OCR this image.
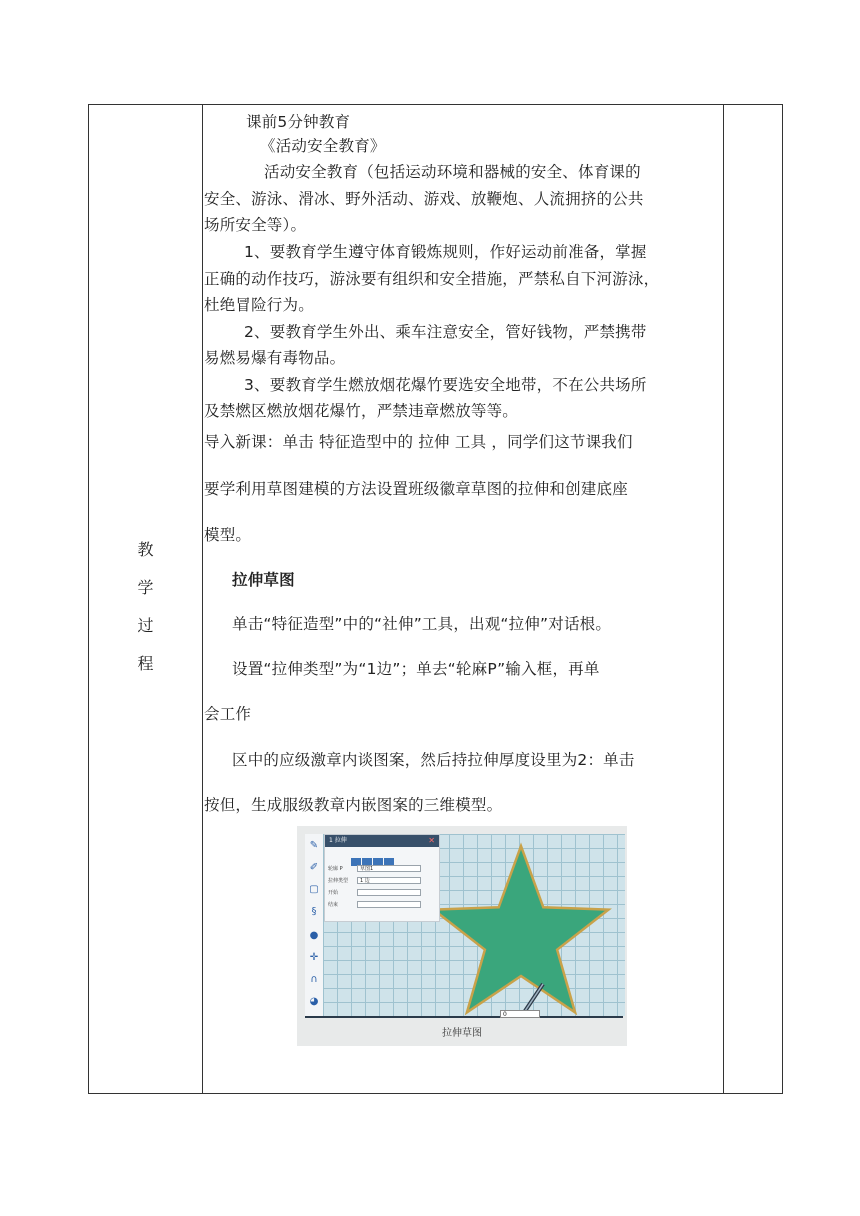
教
学
过
程
课前5分钟教育
《活动安全教育》
活动安全教育（包括运动环境和器械的安全、体育课的
安全、游泳、滑冰、野外活动、游戏、放鞭炮、人流拥挤的公共
场所安全等）。
1、要教育学生遵守体育锻炼规则，作好运动前准备，掌握
正确的动作技巧，游泳要有组织和安全措施，严禁私自下河游泳，
杜绝冒险行为。
2、要教育学生外出、乘车注意安全，管好钱物，严禁携带
易燃易爆有毒物品。
3、要教育学生燃放烟花爆竹要选安全地带，不在公共场所
及禁燃区燃放烟花爆竹，严禁违章燃放等等。
导入新课：单击 特征造型中的 拉伸 工具 ，同学们这节课我们
要学利用草图建模的方法设置班级徽章草图的拉伸和创建底座
模型。
拉伸草图
单击“特征造型”中的“社伸”工具，出观“拉伸”对话根。
设置“拉伸类型”为“1边”；单去“轮麻P”输入框，再单
会工作
区中的应级激章内谈图案，然后持拉伸厚度设里为2：单击
按但，生成服级教章内嵌图案的三维模型。
✎
✐
▢
§
●
✛
∩
◕
1 拉伸	✕
轮廓 P	草图1
拉伸类型	1 边
开始
结束
0
拉伸草图
